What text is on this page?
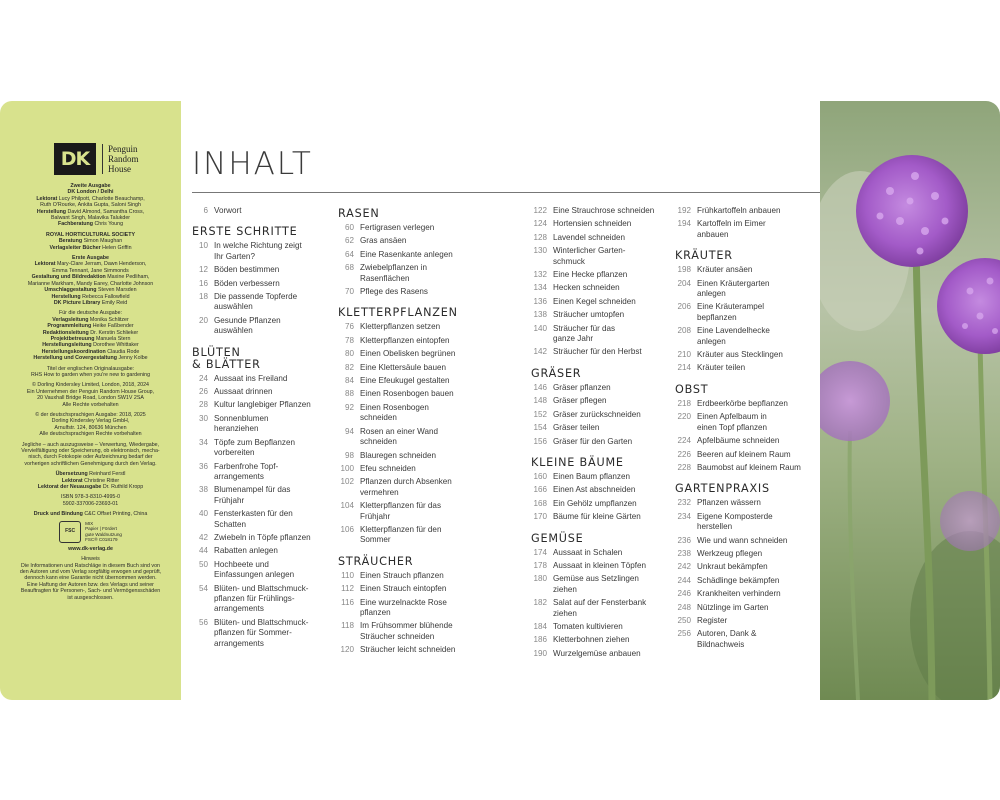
DK	Penguin
Random
House
Zweite Ausgabe
DK London / Delhi
Lektorat Lucy Philpott, Charlotte Beauchamp,
Ruth O'Rourke, Ankita Gupta, Saloni Singh
Herstellung David Almond, Samantha Cross,
Balwant Singh, Malavika Talukder
Fachberatung Chris Young
ROYAL HORTICULTURAL SOCIETY
Beratung Simon Maughan
Verlagsleiter Bücher Helen Griffin
Erste Ausgabe
Lektorat Mary-Clare Jerram, Dawn Henderson,
Emma Tennant, Jane Simmonds
Gestaltung und Bildredaktion Maxine Pedliham,
Marianne Markham, Mandy Earey, Charlotte Johnson
Umschlaggestaltung Steven Marsden
Herstellung Rebecca Fallowfield
DK Picture Library Emily Reid
Für die deutsche Ausgabe:
Verlagsleitung Monika Schlitzer
Programmleitung Heike Faßbender
Redaktionsleitung Dr. Kerstin Schlieker
Projektbetreuung Manuela Stern
Herstellungsleitung Dorothee Whittaker
Herstellungskoordination Claudia Rode
Herstellung und Covergestaltung Jenny Kolbe
Titel der englischen Originalausgabe:
RHS How to garden when you're new to gardening
© Dorling Kindersley Limited, London, 2018, 2024
Ein Unternehmen der Penguin Random House Group,
20 Vauxhall Bridge Road, London SW1V 2SA
Alle Rechte vorbehalten
© der deutschsprachigen Ausgabe: 2018, 2025
Dorling Kindersley Verlag GmbH,
Arnulfstr. 124, 80636 München
Alle deutschsprachigen Rechte vorbehalten
Jegliche – auch auszugsweise – Verwertung, Wiedergabe,
Vervielfältigung oder Speicherung, ob elektronisch, mecha-
nisch, durch Fotokopie oder Aufzeichnung bedarf der
vorherigen schriftlichen Genehmigung durch den Verlag.
Übersetzung Reinhard Ferstl
Lektorat Christine Ritter
Lektorat der Neuausgabe Dr. Ruthild Kropp
ISBN 978-3-8310-4995-0
5902-337006-23693-01
Druck und Bindung C&C Offset Printing, China
FSC
MIX
Papier | Fördert
gute Waldnutzung
FSC® C018179
www.dk-verlag.de
Hinweis
Die Informationen und Ratschläge in diesem Buch sind von
den Autoren und vom Verlag sorgfältig erwogen und geprüft,
dennoch kann eine Garantie nicht übernommen werden.
Eine Haftung der Autoren bzw. des Verlags und seiner
Beauftragten für Personen-, Sach- und Vermögensschäden
ist ausgeschlossen.
INHALT
6 Vorwort
ERSTE SCHRITTE
10 In welche Richtung zeigt
Ihr Garten?
12 Böden bestimmen
16 Böden verbessern
18 Die passende Topferde
auswählen
20 Gesunde Pflanzen
auswählen
BLÜTEN
& BLÄTTER
24 Aussaat ins Freiland
26 Aussaat drinnen
28 Kultur langlebiger Pflanzen
30 Sonnenblumen
heranziehen
34 Töpfe zum Bepflanzen
vorbereiten
36 Farbenfrohe Topf-
arrangements
38 Blumenampel für das
Frühjahr
40 Fensterkasten für den
Schatten
42 Zwiebeln in Töpfe pflanzen
44 Rabatten anlegen
50 Hochbeete und
Einfassungen anlegen
54 Blüten- und Blattschmuck-
pflanzen für Frühlings-
arrangements
56 Blüten- und Blattschmuck-
pflanzen für Sommer-
arrangements
RASEN
60 Fertigrasen verlegen
62 Gras ansäen
64 Eine Rasenkante anlegen
68 Zwiebelpflanzen in
Rasenflächen
70 Pflege des Rasens
KLETTERPFLANZEN
76 Kletterpflanzen setzen
78 Kletterpflanzen eintopfen
80 Einen Obelisken begrünen
82 Eine Klettersäule bauen
84 Eine Efeukugel gestalten
88 Einen Rosenbogen bauen
92 Einen Rosenbogen
schneiden
94 Rosen an einer Wand
schneiden
98 Blauregen schneiden
100 Efeu schneiden
102 Pflanzen durch Absenken
vermehren
104 Kletterpflanzen für das
Frühjahr
106 Kletterpflanzen für den
Sommer
STRÄUCHER
110 Einen Strauch pflanzen
112 Einen Strauch eintopfen
116 Eine wurzelnackte Rose
pflanzen
118 Im Frühsommer blühende
Sträucher schneiden
120 Sträucher leicht schneiden
122 Eine Strauchrose schneiden
124 Hortensien schneiden
128 Lavendel schneiden
130 Winterlicher Garten-
schmuck
132 Eine Hecke pflanzen
134 Hecken schneiden
136 Einen Kegel schneiden
138 Sträucher umtopfen
140 Sträucher für das
ganze Jahr
142 Sträucher für den Herbst
GRÄSER
146 Gräser pflanzen
148 Gräser pflegen
152 Gräser zurückschneiden
154 Gräser teilen
156 Gräser für den Garten
KLEINE BÄUME
160 Einen Baum pflanzen
166 Einen Ast abschneiden
168 Ein Gehölz umpflanzen
170 Bäume für kleine Gärten
GEMÜSE
174 Aussaat in Schalen
178 Aussaat in kleinen Töpfen
180 Gemüse aus Setzlingen
ziehen
182 Salat auf der Fensterbank
ziehen
184 Tomaten kultivieren
186 Kletterbohnen ziehen
190 Wurzelgemüse anbauen
192 Frühkartoffeln anbauen
194 Kartoffeln im Eimer
anbauen
KRÄUTER
198 Kräuter ansäen
204 Einen Kräutergarten
anlegen
206 Eine Kräuterampel
bepflanzen
208 Eine Lavendelhecke
anlegen
210 Kräuter aus Stecklingen
214 Kräuter teilen
OBST
218 Erdbeerkörbe bepflanzen
220 Einen Apfelbaum in
einen Topf pflanzen
224 Apfelbäume schneiden
226 Beeren auf kleinem Raum
228 Baumobst auf kleinem Raum
GARTENPRAXIS
232 Pflanzen wässern
234 Eigene Komposterde
herstellen
236 Wie und wann schneiden
238 Werkzeug pflegen
242 Unkraut bekämpfen
244 Schädlinge bekämpfen
246 Krankheiten verhindern
248 Nützlinge im Garten
250 Register
256 Autoren, Dank &
Bildnachweis
